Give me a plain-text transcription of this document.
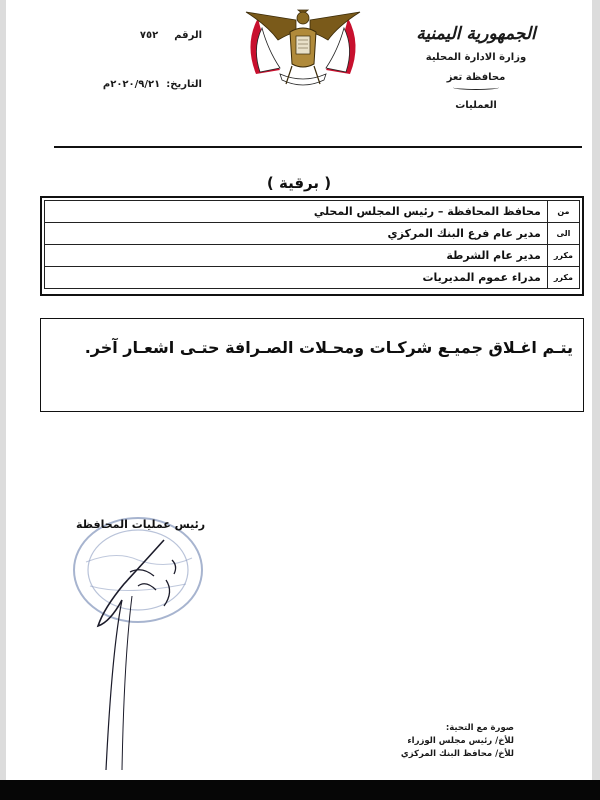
الجمهورية اليمنية
وزارة الادارة المحلية
محافظة تعز
العمليات
الرقم
٧٥٢
التاريخ:
٢٠٢٠/٩/٢١م
( برقية )
من	محافظ المحافظة – رئيس المجلس المحلي
الى	مدير عام فرع البنك المركزي
مكرر	مدير عام الشرطة
مكرر	مدراء عموم المديريات
يتـم اغـلاق جميـع شركـات ومحـلات الصـرافة حتـى اشعـار آخر.
رئيس عمليات المحافظة
صورة مع التحية:
للأخ/ رئيس مجلس الوزراء
للأخ/ محافظ البنك المركزي
